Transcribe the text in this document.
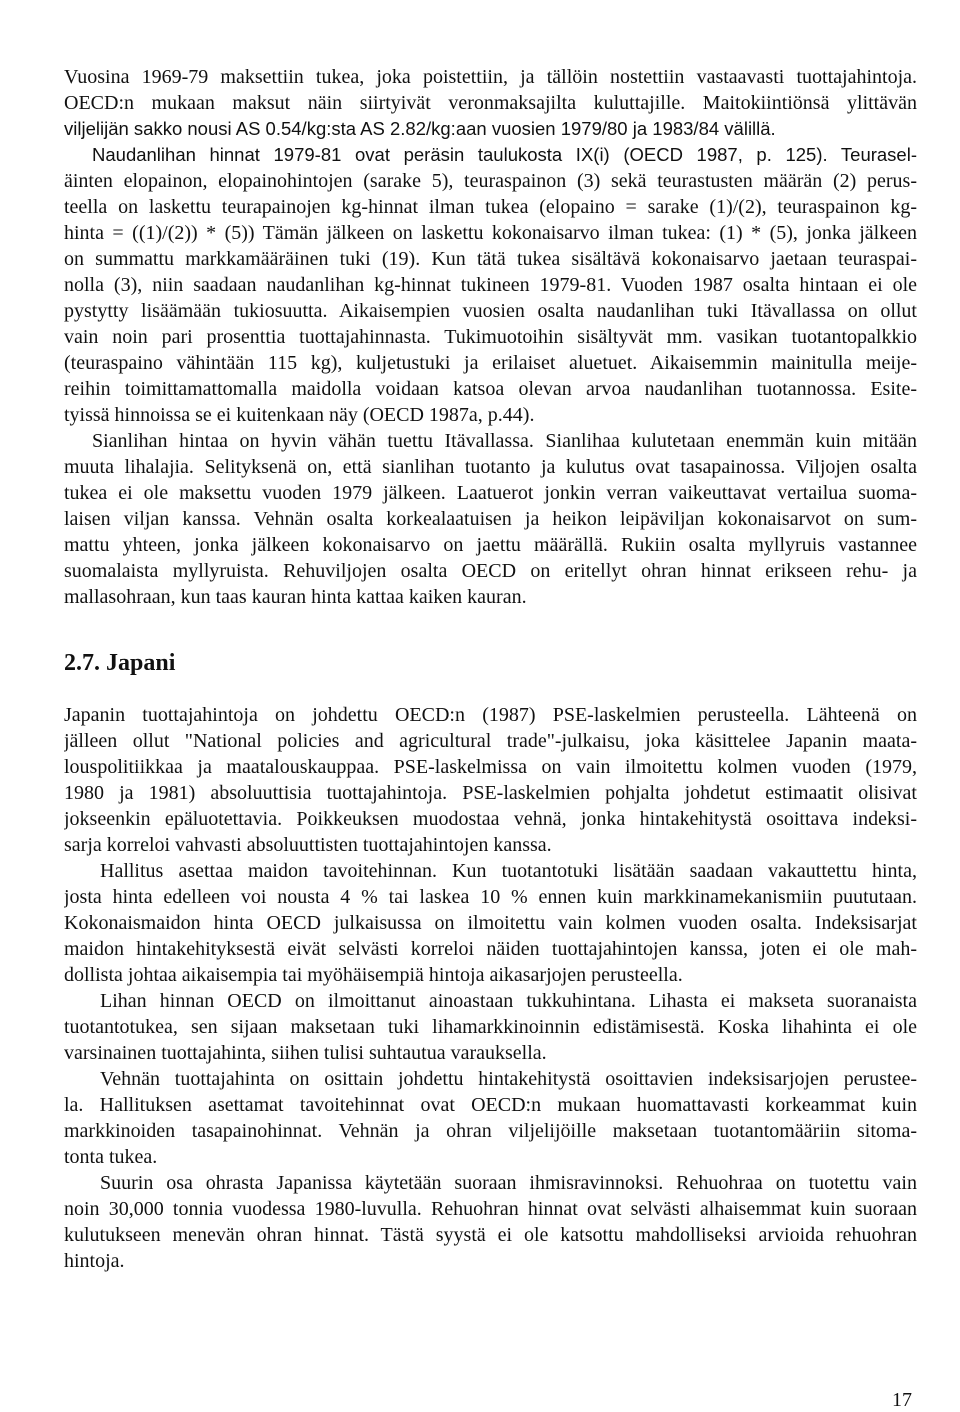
Vuosina 1969-79 maksettiin tukea, joka poistettiin, ja tällöin nostettiin vastaavasti tuottajahintoja.
OECD:n mukaan maksut näin siirtyivät veronmaksajilta kuluttajille. Maitokiintiönsä ylittävän
viljelijän sakko nousi AS 0.54/kg:sta AS 2.82/kg:aan vuosien 1979/80 ja 1983/84 välillä.
Naudanlihan hinnat 1979-81 ovat peräsin taulukosta IX(i) (OECD 1987, p. 125). Teurasel-
äinten elopainon, elopainohintojen (sarake 5), teuraspainon (3) sekä teurastusten määrän (2) perus-
teella on laskettu teurapainojen kg-hinnat ilman tukea (elopaino = sarake (1)/(2), teuraspainon kg-
hinta = ((1)/(2)) * (5)) Tämän jälkeen on laskettu kokonaisarvo ilman tukea: (1) * (5), jonka jälkeen
on summattu markkamääräinen tuki (19). Kun tätä tukea sisältävä kokonaisarvo jaetaan teuraspai-
nolla (3), niin saadaan naudanlihan kg-hinnat tukineen 1979-81. Vuoden 1987 osalta hintaan ei ole
pystytty lisäämään tukiosuutta. Aikaisempien vuosien osalta naudanlihan tuki Itävallassa on ollut
vain noin pari prosenttia tuottajahinnasta. Tukimuotoihin sisältyvät mm. vasikan tuotantopalkkio
(teuraspaino vähintään 115 kg), kuljetustuki ja erilaiset aluetuet. Aikaisemmin mainitulla meije-
reihin toimittamattomalla maidolla voidaan katsoa olevan arvoa naudanlihan tuotannossa. Esite-
tyissä hinnoissa se ei kuitenkaan näy (OECD 1987a, p.44).
Sianlihan hintaa on hyvin vähän tuettu Itävallassa. Sianlihaa kulutetaan enemmän kuin mitään
muuta lihalajia. Selityksenä on, että sianlihan tuotanto ja kulutus ovat tasapainossa. Viljojen osalta
tukea ei ole maksettu vuoden 1979 jälkeen. Laatuerot jonkin verran vaikeuttavat vertailua suoma-
laisen viljan kanssa. Vehnän osalta korkealaatuisen ja heikon leipäviljan kokonaisarvot on sum-
mattu yhteen, jonka jälkeen kokonaisarvo on jaettu määrällä. Rukiin osalta myllyruis vastannee
suomalaista myllyruista. Rehuviljojen osalta OECD on eritellyt ohran hinnat erikseen rehu- ja
mallasohraan, kun taas kauran hinta kattaa kaiken kauran.
2.7. Japani
Japanin tuottajahintoja on johdettu OECD:n (1987) PSE-laskelmien perusteella. Lähteenä on
jälleen ollut "National policies and agricultural trade"-julkaisu, joka käsittelee Japanin maata-
louspolitiikkaa ja maatalouskauppaa. PSE-laskelmissa on vain ilmoitettu kolmen vuoden (1979,
1980 ja 1981) absoluuttisia tuottajahintoja. PSE-laskelmien pohjalta johdetut estimaatit olisivat
jokseenkin epäluotettavia. Poikkeuksen muodostaa vehnä, jonka hintakehitystä osoittava indeksi-
sarja korreloi vahvasti absoluuttisten tuottajahintojen kanssa.
Hallitus asettaa maidon tavoitehinnan. Kun tuotantotuki lisätään saadaan vakauttettu hinta,
josta hinta edelleen voi nousta 4 % tai laskea 10 % ennen kuin markkinamekanismiin puututaan.
Kokonaismaidon hinta OECD julkaisussa on ilmoitettu vain kolmen vuoden osalta. Indeksisarjat
maidon hintakehityksestä eivät selvästi korreloi näiden tuottajahintojen kanssa, joten ei ole mah-
dollista johtaa aikaisempia tai myöhäisempiä hintoja aikasarjojen perusteella.
Lihan hinnan OECD on ilmoittanut ainoastaan tukkuhintana. Lihasta ei makseta suoranaista
tuotantotukea, sen sijaan maksetaan tuki lihamarkkinoinnin edistämisestä. Koska lihahinta ei ole
varsinainen tuottajahinta, siihen tulisi suhtautua varauksella.
Vehnän tuottajahinta on osittain johdettu hintakehitystä osoittavien indeksisarjojen perustee-
la. Hallituksen asettamat tavoitehinnat ovat OECD:n mukaan huomattavasti korkeammat kuin
markkinoiden tasapainohinnat. Vehnän ja ohran viljelijöille maksetaan tuotantomääriin sitoma-
tonta tukea.
Suurin osa ohrasta Japanissa käytetään suoraan ihmisravinnoksi. Rehuohraa on tuotettu vain
noin 30,000 tonnia vuodessa 1980-luvulla. Rehuohran hinnat ovat selvästi alhaisemmat kuin suoraan
kulutukseen menevän ohran hinnat. Tästä syystä ei ole katsottu mahdolliseksi arvioida rehuohran
hintoja.
17
